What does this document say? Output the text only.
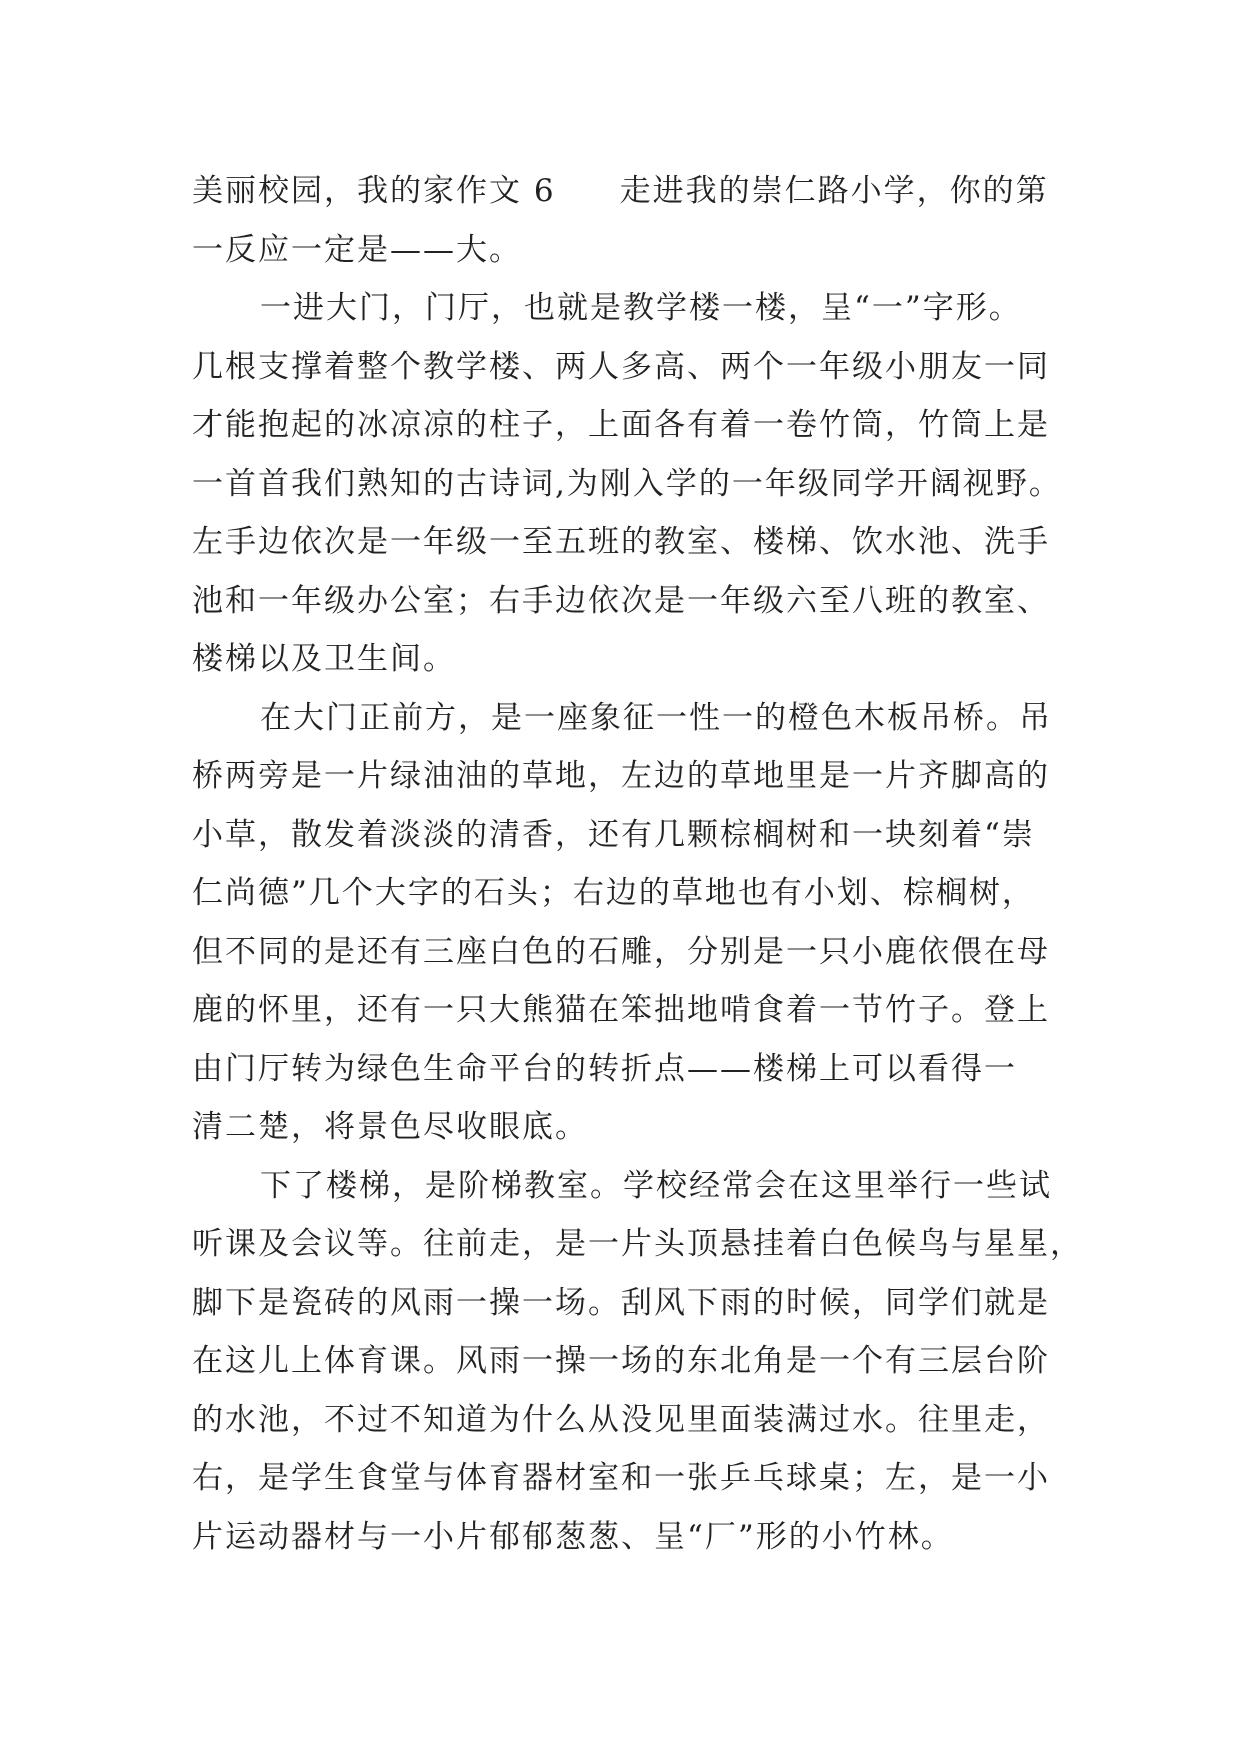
美丽校园，我的家作文 6 走进我的崇仁路小学，你的第
一反应一定是——大。
一进大门，门厅，也就是教学楼一楼，呈“一”字形。
几根支撑着整个教学楼、两人多高、两个一年级小朋友一同
才能抱起的冰凉凉的柱子，上面各有着一卷竹筒，竹筒上是
一首首我们熟知的古诗词,为刚入学的一年级同学开阔视野。
左手边依次是一年级一至五班的教室、楼梯、饮水池、洗手
池和一年级办公室；右手边依次是一年级六至八班的教室、
楼梯以及卫生间。
在大门正前方，是一座象征一性一的橙色木板吊桥。吊
桥两旁是一片绿油油的草地，左边的草地里是一片齐脚高的
小草，散发着淡淡的清香，还有几颗棕榈树和一块刻着“崇
仁尚德”几个大字的石头；右边的草地也有小划、棕榈树，
但不同的是还有三座白色的石雕，分别是一只小鹿依偎在母
鹿的怀里，还有一只大熊猫在笨拙地啃食着一节竹子。登上
由门厅转为绿色生命平台的转折点——楼梯上可以看得一
清二楚，将景色尽收眼底。
下了楼梯，是阶梯教室。学校经常会在这里举行一些试
听课及会议等。往前走，是一片头顶悬挂着白色候鸟与星星，
脚下是瓷砖的风雨一操一场。刮风下雨的时候，同学们就是
在这儿上体育课。风雨一操一场的东北角是一个有三层台阶
的水池，不过不知道为什么从没见里面装满过水。往里走，
右，是学生食堂与体育器材室和一张乒乓球桌；左，是一小
片运动器材与一小片郁郁葱葱、呈“厂”形的小竹林。
